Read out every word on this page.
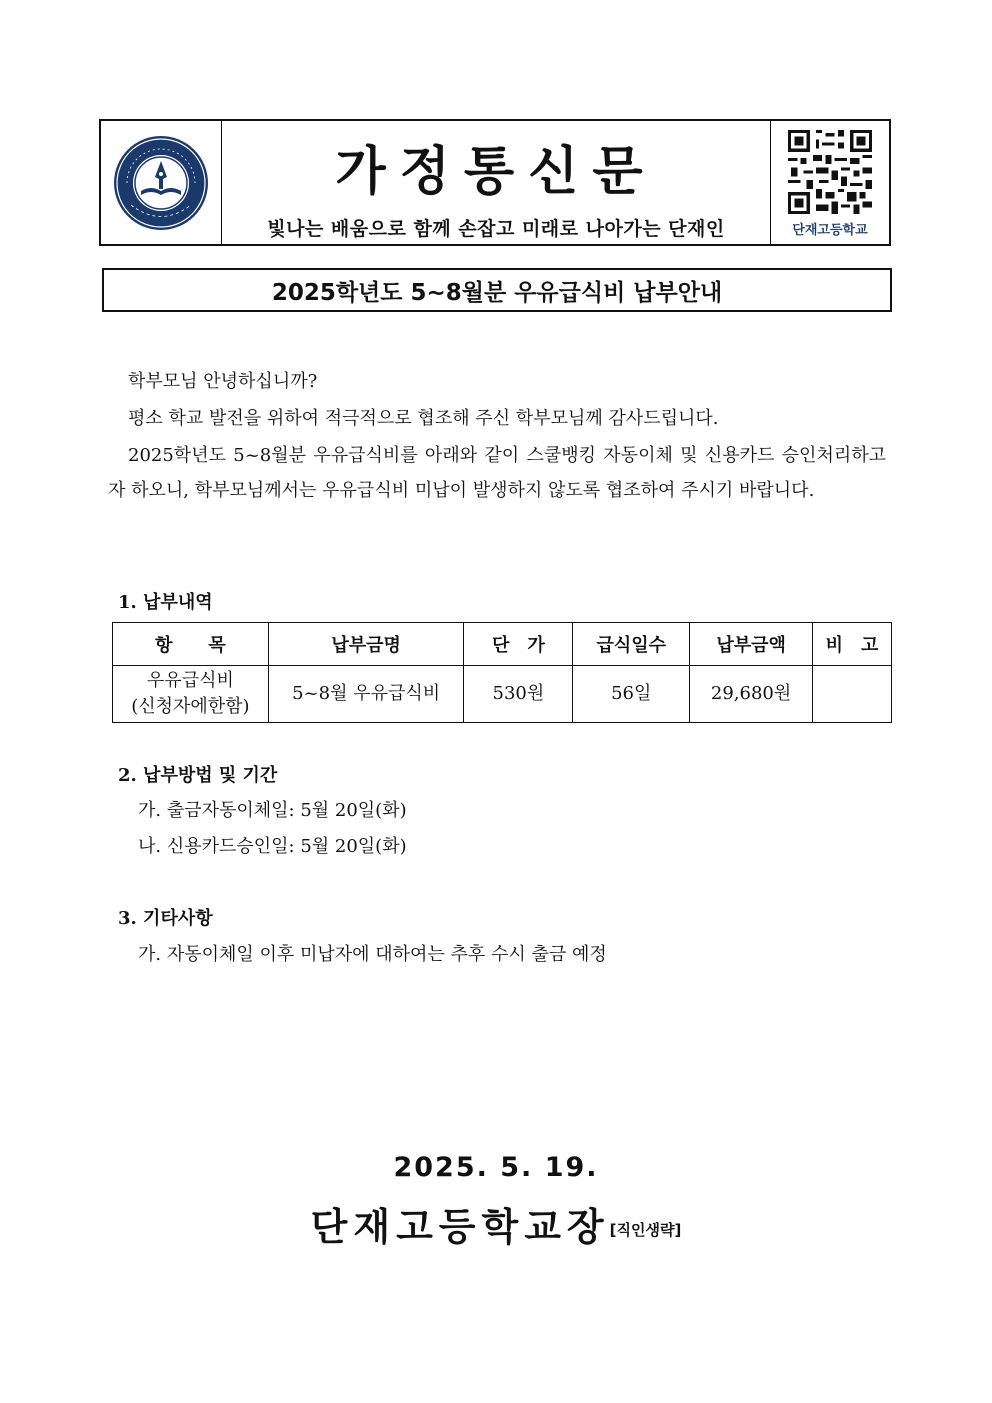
가정통신문
빛나는 배움으로 함께 손잡고 미래로 나아가는 단재인	단재고등학교
2025학년도 5~8월분 우유급식비 납부안내
학부모님 안녕하십니까?
평소 학교 발전을 위하여 적극적으로 협조해 주신 학부모님께 감사드립니다.
2025학년도 5~8월분 우유급식비를 아래와 같이 스쿨뱅킹 자동이체 및 신용카드 승인처리하고자 하오니, 학부모님께서는 우유급식비 미납이 발생하지 않도록 협조하여 주시기 바랍니다.
1. 납부내역
항　　목	납부금명	단　가	급식일수	납부금액	비　고

우유급식비
(신청자에한함)	5~8월 우유급식비	530원	56일	29,680원	
2. 납부방법 및 기간
가. 출금자동이체일: 5월 20일(화)
나. 신용카드승인일: 5월 20일(화)
3. 기타사항
가. 자동이체일 이후 미납자에 대하여는 추후 수시 출금 예정
2025. 5. 19.
단재고등학교장[직인생략]
